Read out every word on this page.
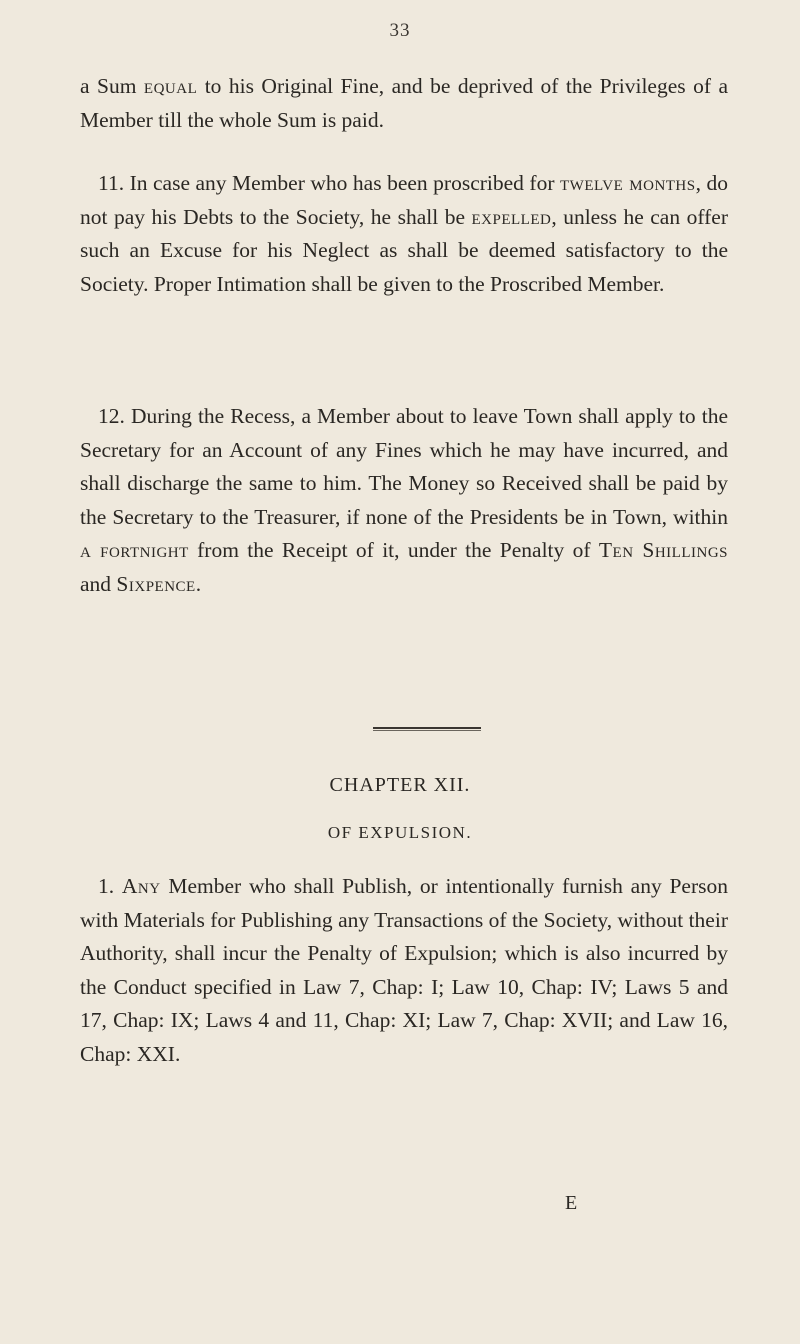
33

a Sum equal to his Original Fine, and be deprived of the Privileges of a Member till the whole Sum is paid.

11. In case any Member who has been proscribed for twelve months, do not pay his Debts to the Society, he shall be expelled, unless he can offer such an Excuse for his Neglect as shall be deemed satisfactory to the Society. Proper Intimation shall be given to the Proscribed Member.

12. During the Recess, a Member about to leave Town shall apply to the Secretary for an Account of any Fines which he may have incurred, and shall discharge the same to him. The Money so Received shall be paid by the Secretary to the Treasurer, if none of the Presidents be in Town, within a fortnight from the Receipt of it, under the Penalty of Ten Shillings and Sixpence.

CHAPTER XII.
OF EXPULSION.

1. Any Member who shall Publish, or intentionally furnish any Person with Materials for Publishing any Transactions of the Society, without their Authority, shall incur the Penalty of Expulsion; which is also incurred by the Conduct specified in Law 7, Chap: I; Law 10, Chap: IV; Laws 5 and 17, Chap: IX; Laws 4 and 11, Chap: XI; Law 7, Chap: XVII; and Law 16, Chap: XXI.

E
